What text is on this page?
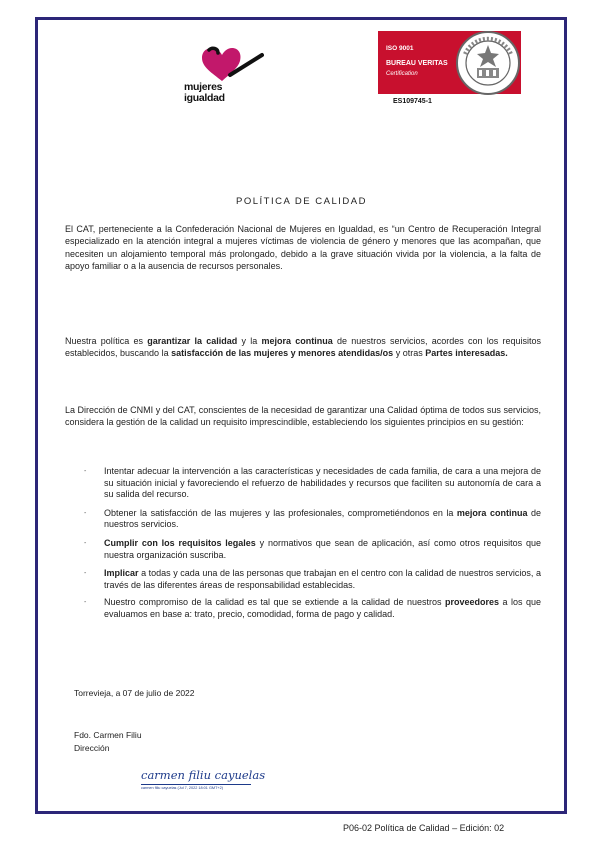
mujeres
igualdad
ISO 9001
BUREAU VERITAS
Certification
ES109745-1
POLÍTICA DE CALIDAD
El CAT, perteneciente a la Confederación Nacional de Mujeres en Igualdad, es “un Centro de Recuperación Integral especializado en la atención integral a mujeres víctimas de violencia de género y menores que las acompañan, que necesiten un alojamiento temporal más prolongado, debido a la grave situación vivida por la violencia, a la falta de apoyo familiar o a la ausencia de recursos personales.
Nuestra política es garantizar la calidad y la mejora continua de nuestros servicios, acordes con los requisitos establecidos, buscando la satisfacción de las mujeres y menores atendidas/os y otras Partes interesadas.
La Dirección de CNMI y del CAT, conscientes de la necesidad de garantizar una Calidad óptima de todos sus servicios, considera la gestión de la calidad un requisito imprescindible, estableciendo los siguientes principios en su gestión:
- Intentar adecuar la intervención a las características y necesidades de cada familia, de cara a una mejora de su situación inicial y favoreciendo el refuerzo de habilidades y recursos que faciliten su autonomía de cara a su salida del recurso.
- Obtener la satisfacción de las mujeres y las profesionales, comprometiéndonos en la mejora continua de nuestros servicios.
- Cumplir con los requisitos legales y normativos que sean de aplicación, así como otros requisitos que nuestra organización suscriba.
- Implicar a todas y cada una de las personas que trabajan en el centro con la calidad de nuestros servicios, a través de las diferentes áreas de responsabilidad establecidas.
- Nuestro compromiso de la calidad es tal que se extiende a la calidad de nuestros proveedores a los que evaluamos en base a: trato, precio, comodidad, forma de pago y calidad.
Torrevieja, a 07 de julio de 2022
Fdo. Carmen Filiu
Dirección
carmen filiu cayuelas
carmen filiu cayuelas (Jul 7, 2022 18:01 GMT+2)
P06-02 Política de Calidad – Edición: 02
